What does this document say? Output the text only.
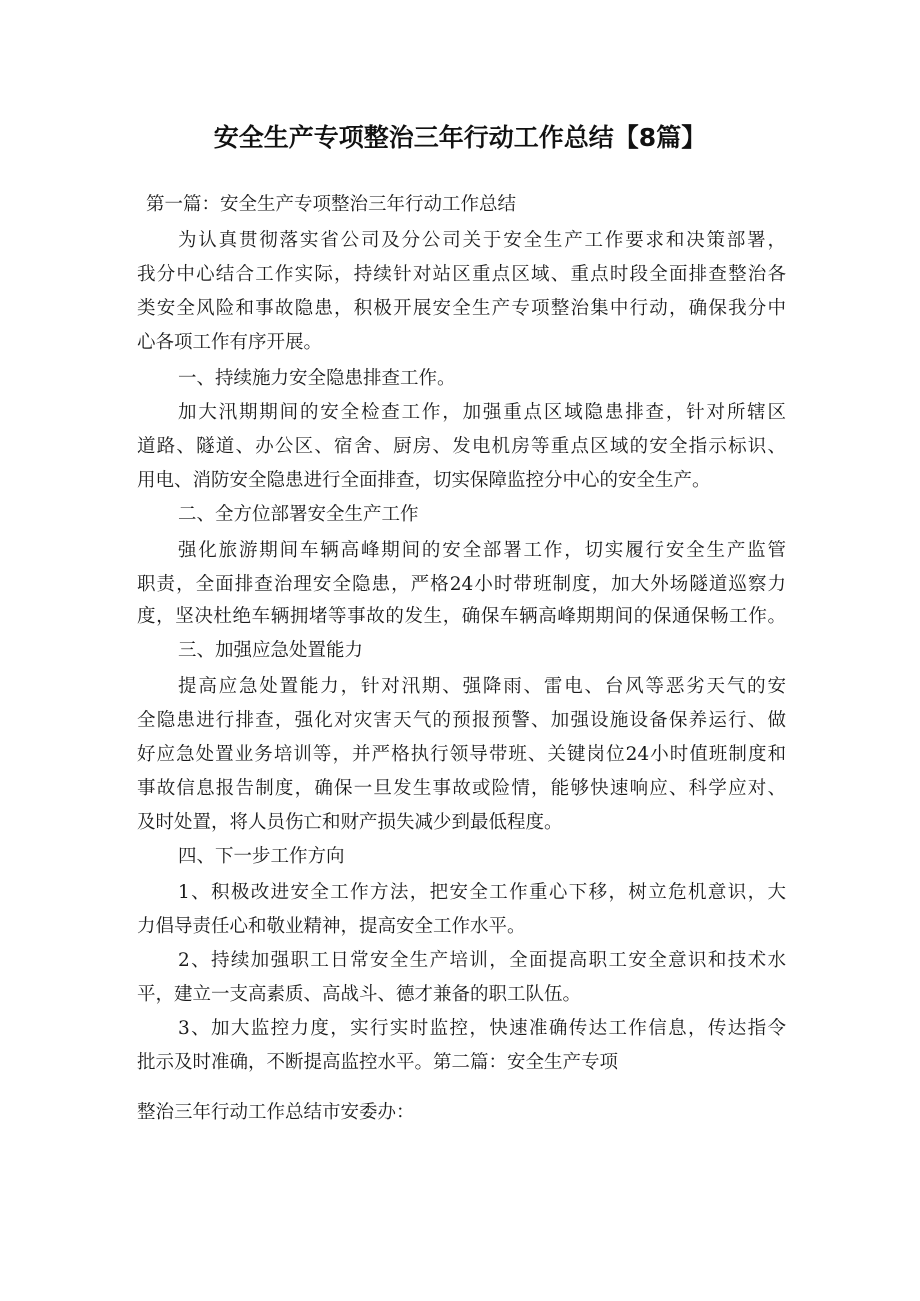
安全生产专项整治三年行动工作总结【8篇】

第一篇：安全生产专项整治三年行动工作总结

为认真贯彻落实省公司及分公司关于安全生产工作要求和决策部署，

我分中心结合工作实际，持续针对站区重点区域、重点时段全面排查整治各

类安全风险和事故隐患，积极开展安全生产专项整治集中行动，确保我分中

心各项工作有序开展。

一、持续施力安全隐患排查工作。

加大汛期期间的安全检查工作，加强重点区域隐患排查，针对所辖区

道路、隧道、办公区、宿舍、厨房、发电机房等重点区域的安全指示标识、

用电、消防安全隐患进行全面排查，切实保障监控分中心的安全生产。

二、全方位部署安全生产工作

强化旅游期间车辆高峰期间的安全部署工作，切实履行安全生产监管

职责，全面排查治理安全隐患，严格24小时带班制度，加大外场隧道巡察力

度，坚决杜绝车辆拥堵等事故的发生，确保车辆高峰期期间的保通保畅工作。

三、加强应急处置能力

提高应急处置能力，针对汛期、强降雨、雷电、台风等恶劣天气的安

全隐患进行排查，强化对灾害天气的预报预警、加强设施设备保养运行、做

好应急处置业务培训等，并严格执行领导带班、关键岗位24小时值班制度和

事故信息报告制度，确保一旦发生事故或险情，能够快速响应、科学应对、

及时处置，将人员伤亡和财产损失减少到最低程度。

四、下一步工作方向

1、积极改进安全工作方法，把安全工作重心下移，树立危机意识，大

力倡导责任心和敬业精神，提高安全工作水平。

2、持续加强职工日常安全生产培训，全面提高职工安全意识和技术水

平，建立一支高素质、高战斗、德才兼备的职工队伍。

3、加大监控力度，实行实时监控，快速准确传达工作信息，传达指令

批示及时准确，不断提高监控水平。第二篇：安全生产专项

整治三年行动工作总结市安委办：
